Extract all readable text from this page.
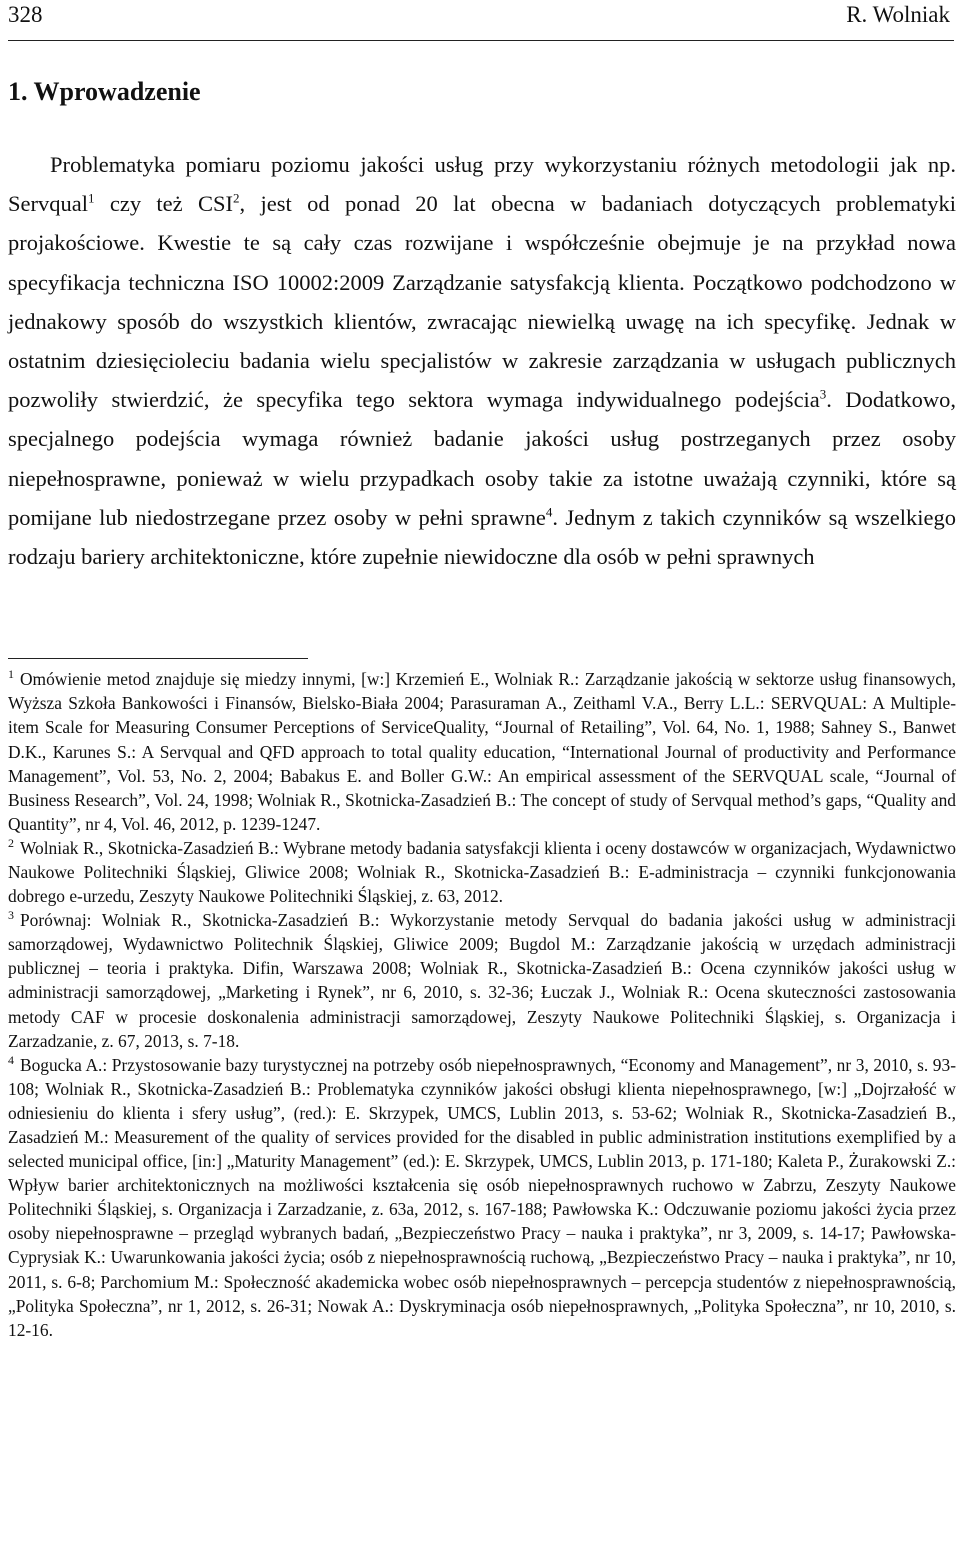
328	R. Wolniak
1. Wprowadzenie

Problematyka pomiaru poziomu jakości usług przy wykorzystaniu różnych metodologii jak np. Servqual$^1$ czy też CSI$^2$, jest od ponad 20 lat obecna w badaniach dotyczących problematyki projakościowe. Kwestie te są cały czas rozwijane i współcześnie obejmuje je na przykład nowa specyfikacja techniczna ISO 10002:2009 Zarządzanie satysfakcją klienta. Początkowo podchodzono w jednakowy sposób do wszystkich klientów, zwracając niewielką uwagę na ich specyfikę. Jednak w ostatnim dziesięcioleciu badania wielu specjalistów w zakresie zarządzania w usługach publicznych pozwoliły stwierdzić, że specyfika tego sektora wymaga indywidualnego podejścia$^3$. Dodatkowo, specjalnego podejścia wymaga również badanie jakości usług postrzeganych przez osoby niepełnosprawne, ponieważ w wielu przypadkach osoby takie za istotne uważają czynniki, które są pomijane lub niedostrzegane przez osoby w pełni sprawne$^4$. Jednym z takich czynników są wszelkiego rodzaju bariery architektoniczne, które zupełnie niewidoczne dla osób w pełni sprawnych

$^1$ Omówienie metod znajduje się miedzy innymi, [w:] Krzemień E., Wolniak R.: Zarządzanie jakością w sektorze usług finansowych, Wyższa Szkoła Bankowości i Finansów, Bielsko-Biała 2004; Parasuraman A., Zeithaml V.A., Berry L.L.: SERVQUAL: A Multiple-item Scale for Measuring Consumer Perceptions of ServiceQuality, “Journal of Retailing”, Vol. 64, No. 1, 1988; Sahney S., Banwet D.K., Karunes S.: A Servqual and QFD approach to total quality education, “International Journal of productivity and Performance Management”, Vol. 53, No. 2, 2004; Babakus E. and Boller G.W.: An empirical assessment of the SERVQUAL scale, “Journal of Business Research”, Vol. 24, 1998; Wolniak R., Skotnicka-Zasadzień B.: The concept of study of Servqual method’s gaps, “Quality and Quantity”, nr 4, Vol. 46, 2012, p. 1239-1247.

$^2$ Wolniak R., Skotnicka-Zasadzień B.: Wybrane metody badania satysfakcji klienta i oceny dostawców w organizacjach, Wydawnictwo Naukowe Politechniki Śląskiej, Gliwice 2008; Wolniak R., Skotnicka-Zasadzień B.: E-administracja – czynniki funkcjonowania dobrego e-urzedu, Zeszyty Naukowe Politechniki Śląskiej, z. 63, 2012.

$^3$ Porównaj: Wolniak R., Skotnicka-Zasadzień B.: Wykorzystanie metody Servqual do badania jakości usług w administracji samorządowej, Wydawnictwo Politechnik Śląskiej, Gliwice 2009; Bugdol M.: Zarządzanie jakością w urzędach administracji publicznej – teoria i praktyka. Difin, Warszawa 2008; Wolniak R., Skotnicka-Zasadzień B.: Ocena czynników jakości usług w administracji samorządowej, „Marketing i Rynek”, nr 6, 2010, s. 32-36; Łuczak J., Wolniak R.: Ocena skuteczności zastosowania metody CAF w procesie doskonalenia administracji samorządowej, Zeszyty Naukowe Politechniki Śląskiej, s. Organizacja i Zarzadzanie, z. 67, 2013, s. 7-18.

$^4$ Bogucka A.: Przystosowanie bazy turystycznej na potrzeby osób niepełnosprawnych, “Economy and Management”, nr 3, 2010, s. 93-108; Wolniak R., Skotnicka-Zasadzień B.: Problematyka czynników jakości obsługi klienta niepełnosprawnego, [w:] „Dojrzałość w odniesieniu do klienta i sfery usług”, (red.): E. Skrzypek, UMCS, Lublin 2013, s. 53-62; Wolniak R., Skotnicka-Zasadzień B., Zasadzień M.: Measurement of the quality of services provided for the disabled in public administration institutions exemplified by a selected municipal office, [in:] „Maturity Management” (ed.): E. Skrzypek, UMCS, Lublin 2013, p. 171-180; Kaleta P., Żurakowski Z.: Wpływ barier architektonicznych na możliwości kształcenia się osób niepełnosprawnych ruchowo w Zabrzu, Zeszyty Naukowe Politechniki Śląskiej, s. Organizacja i Zarzadzanie, z. 63a, 2012, s. 167-188; Pawłowska K.: Odczuwanie poziomu jakości życia przez osoby niepełnosprawne – przegląd wybranych badań, „Bezpieczeństwo Pracy – nauka i praktyka”, nr 3, 2009, s. 14-17; Pawłowska-Cyprysiak K.: Uwarunkowania jakości życia; osób z niepełnosprawnością ruchową, „Bezpieczeństwo Pracy – nauka i praktyka”, nr 10, 2011, s. 6-8; Parchomium M.: Społeczność akademicka wobec osób niepełnosprawnych – percepcja studentów z niepełnosprawnością, „Polityka Społeczna”, nr 1, 2012, s. 26-31; Nowak A.: Dyskryminacja osób niepełnosprawnych, „Polityka Społeczna”, nr 10, 2010, s. 12-16.
